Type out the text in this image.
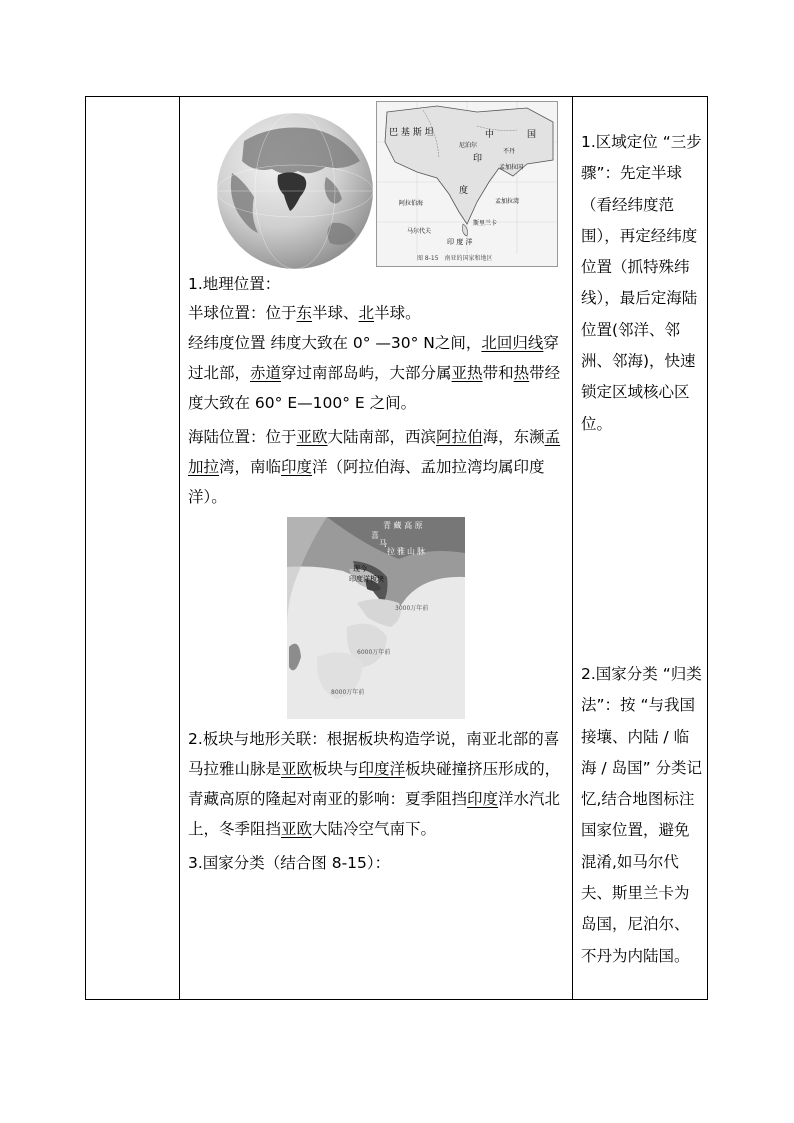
巴 基 斯 坦	中	国
印
度
尼泊尔
不丹
孟加拉国
阿拉伯海	孟加拉湾
斯里兰卡
马尔代夫
印 度 洋
图 8-15　南亚的国家和地区
1.地理位置：
半球位置：位于东半球、北半球。
经纬度位置 纬度大致在 0° —30° N之间，北回归线穿过北部，赤道穿过南部岛屿，大部分属亚热带和热带经度大致在 60° E—100° E 之间。
海陆位置：位于亚欧大陆南部，西滨阿拉伯海，东濒孟加拉湾，南临印度洋（阿拉伯海、孟加拉湾均属印度洋）。
青 藏 高 原
喜
马
拉 雅 山 脉
现今
印度洋板块
3000万年前
6000万年前
8000万年前
2.板块与地形关联：根据板块构造学说，南亚北部的喜马拉雅山脉是亚欧板块与印度洋板块碰撞挤压形成的，青藏高原的隆起对南亚的影响：夏季阻挡印度洋水汽北上，冬季阻挡亚欧大陆冷空气南下。
3.国家分类（结合图 8-15）：
1.区域定位 “三步骤”：先定半球（看经纬度范围），再定经纬度位置（抓特殊纬线），最后定海陆位置(邻洋、邻洲、邻海)，快速锁定区域核心区位。
2.国家分类 “归类法”：按 “与我国接壤、内陆 / 临海 / 岛国” 分类记忆,结合地图标注国家位置，避免混淆,如马尔代夫、斯里兰卡为岛国，尼泊尔、不丹为内陆国。
